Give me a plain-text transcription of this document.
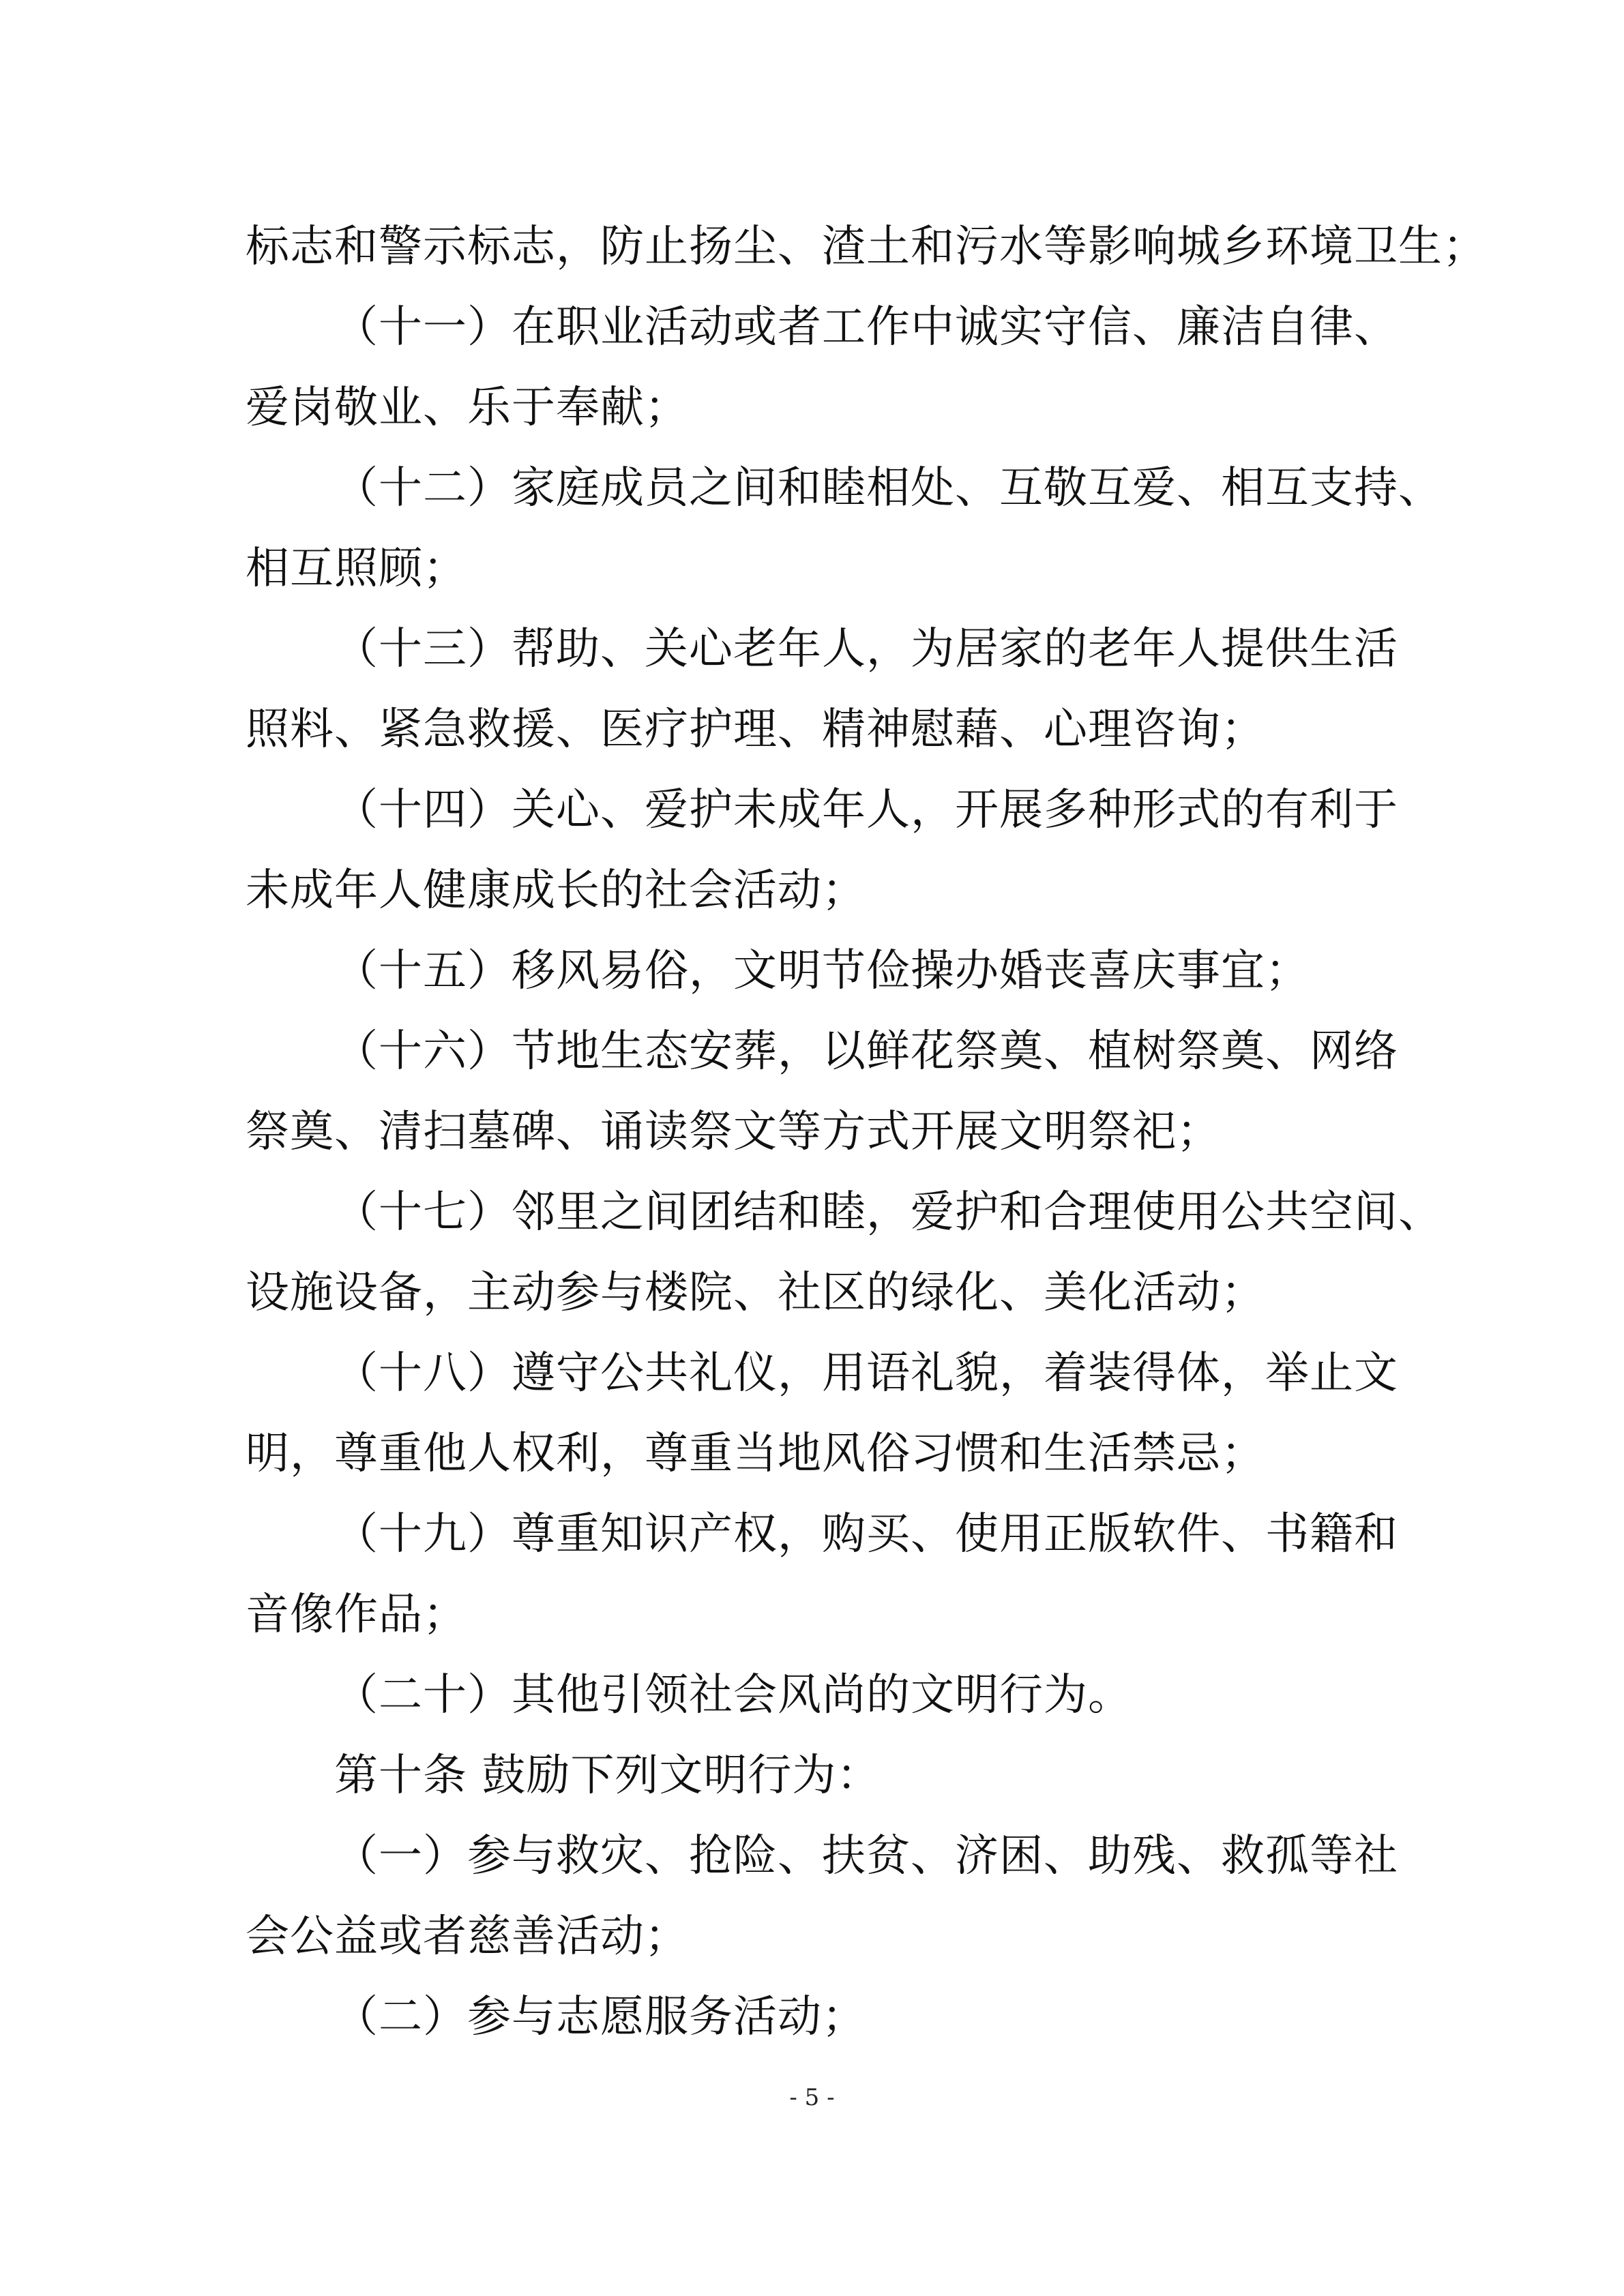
标志和警示标志，防止扬尘、渣土和污水等影响城乡环境卫生；
（十一）在职业活动或者工作中诚实守信、廉洁自律、
爱岗敬业、乐于奉献；
（十二）家庭成员之间和睦相处、互敬互爱、相互支持、
相互照顾；
（十三）帮助、关心老年人，为居家的老年人提供生活
照料、紧急救援、医疗护理、精神慰藉、心理咨询；
（十四）关心、爱护未成年人，开展多种形式的有利于
未成年人健康成长的社会活动；
（十五）移风易俗，文明节俭操办婚丧喜庆事宜；
（十六）节地生态安葬，以鲜花祭奠、植树祭奠、网络
祭奠、清扫墓碑、诵读祭文等方式开展文明祭祀；
（十七）邻里之间团结和睦，爱护和合理使用公共空间、
设施设备，主动参与楼院、社区的绿化、美化活动；
（十八）遵守公共礼仪，用语礼貌，着装得体，举止文
明，尊重他人权利，尊重当地风俗习惯和生活禁忌；
（十九）尊重知识产权，购买、使用正版软件、书籍和
音像作品；
（二十）其他引领社会风尚的文明行为。
第十条 鼓励下列文明行为：
（一）参与救灾、抢险、扶贫、济困、助残、救孤等社
会公益或者慈善活动；
（二）参与志愿服务活动；
- 5 -
